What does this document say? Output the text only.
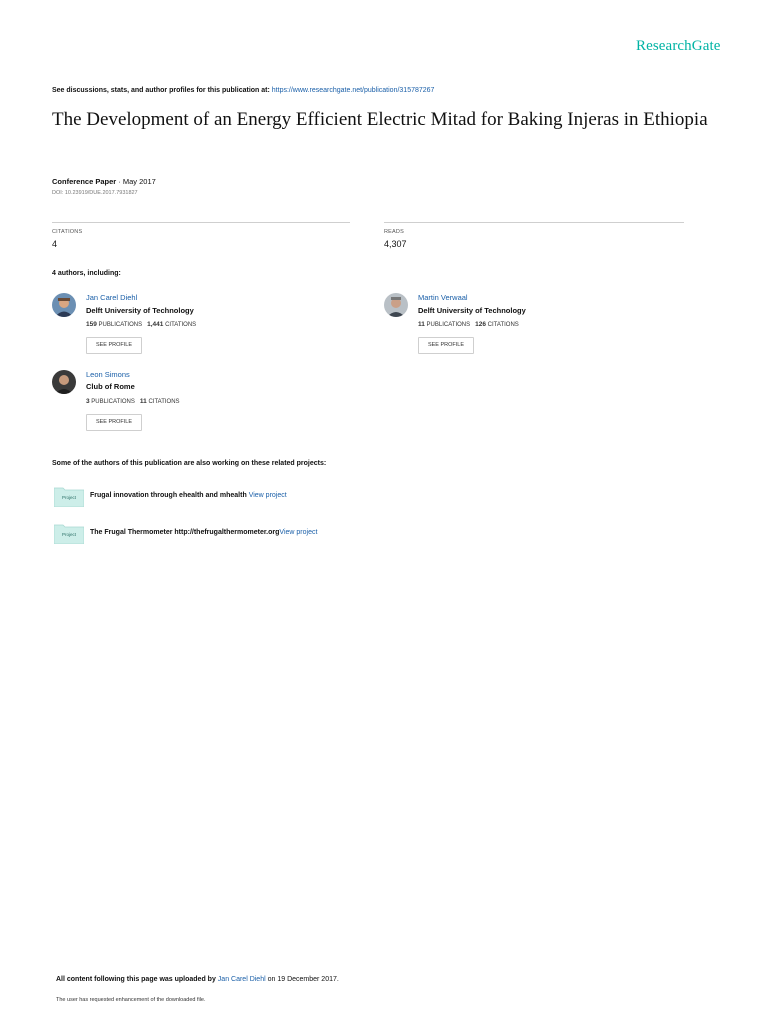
ResearchGate
See discussions, stats, and author profiles for this publication at: https://www.researchgate.net/publication/315787267
The Development of an Energy Efficient Electric Mitad for Baking Injeras in Ethiopia
Conference Paper · May 2017
DOI: 10.23919/DUE.2017.7931827
CITATIONS
4
READS
4,307
4 authors, including:
Jan Carel Diehl
Delft University of Technology
159 PUBLICATIONS 1,441 CITATIONS
SEE PROFILE
Martin Verwaal
Delft University of Technology
11 PUBLICATIONS 126 CITATIONS
SEE PROFILE
Leon Simons
Club of Rome
3 PUBLICATIONS 11 CITATIONS
SEE PROFILE
Some of the authors of this publication are also working on these related projects:
Project	Frugal innovation through ehealth and mhealth View project
Project	The Frugal Thermometer http://thefrugalthermometer.orgView project
All content following this page was uploaded by Jan Carel Diehl on 19 December 2017.
The user has requested enhancement of the downloaded file.
